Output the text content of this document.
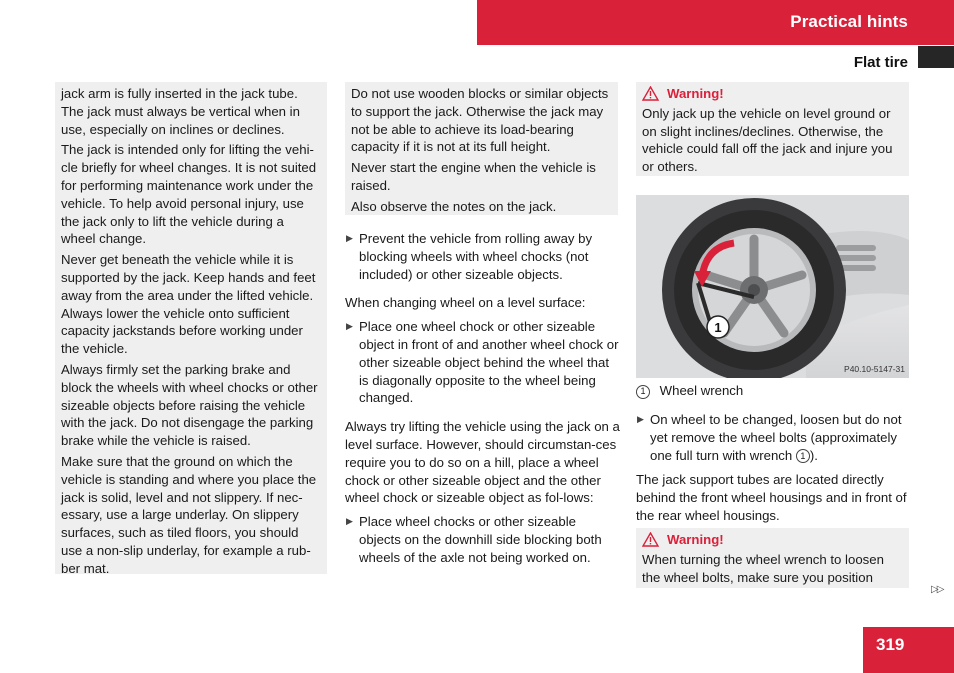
Practical hints
Flat tire

jack arm is fully inserted in the jack tube. The jack must always be vertical when in use, especially on inclines or declines.

The jack is intended only for lifting the vehi-cle briefly for wheel changes. It is not suited for performing maintenance work under the vehicle. To help avoid personal injury, use the jack only to lift the vehicle during a wheel change.

Never get beneath the vehicle while it is supported by the jack. Keep hands and feet away from the area under the lifted vehicle. Always lower the vehicle onto sufficient capacity jackstands before working under the vehicle.

Always firmly set the parking brake and block the wheels with wheel chocks or other sizeable objects before raising the vehicle with the jack. Do not disengage the parking brake while the vehicle is raised.

Make sure that the ground on which the vehicle is standing and where you place the jack is solid, level and not slippery. If nec-essary, use a large underlay. On slippery surfaces, such as tiled floors, you should use a non-slip underlay, for example a rub-ber mat.

Do not use wooden blocks or similar objects to support the jack. Otherwise the jack may not be able to achieve its load-bearing capacity if it is not at its full height.

Never start the engine when the vehicle is raised.

Also observe the notes on the jack.

▶ Prevent the vehicle from rolling away by blocking wheels with wheel chocks (not included) or other sizeable objects.

When changing wheel on a level surface:

▶ Place one wheel chock or other sizeable object in front of and another wheel chock or other sizeable object behind the wheel that is diagonally opposite to the wheel being changed.

Always try lifting the vehicle using the jack on a level surface. However, should circumstan-ces require you to do so on a hill, place a wheel chock or other sizeable object and the other wheel chock or sizeable object as fol-lows:

▶ Place wheel chocks or other sizeable objects on the downhill side blocking both wheels of the axle not being worked on.

Warning!

Only jack up the vehicle on level ground or on slight inclines/declines. Otherwise, the vehicle could fall off the jack and injure you or others.

1
P40.10-5147-31
1 Wheel wrench
▶ On wheel to be changed, loosen but do not yet remove the wheel bolts (approximately one full turn with wrench 1 ).

The jack support tubes are located directly behind the front wheel housings and in front of the rear wheel housings.

Warning!

When turning the wheel wrench to loosen the wheel bolts, make sure you position

▷▷
319
